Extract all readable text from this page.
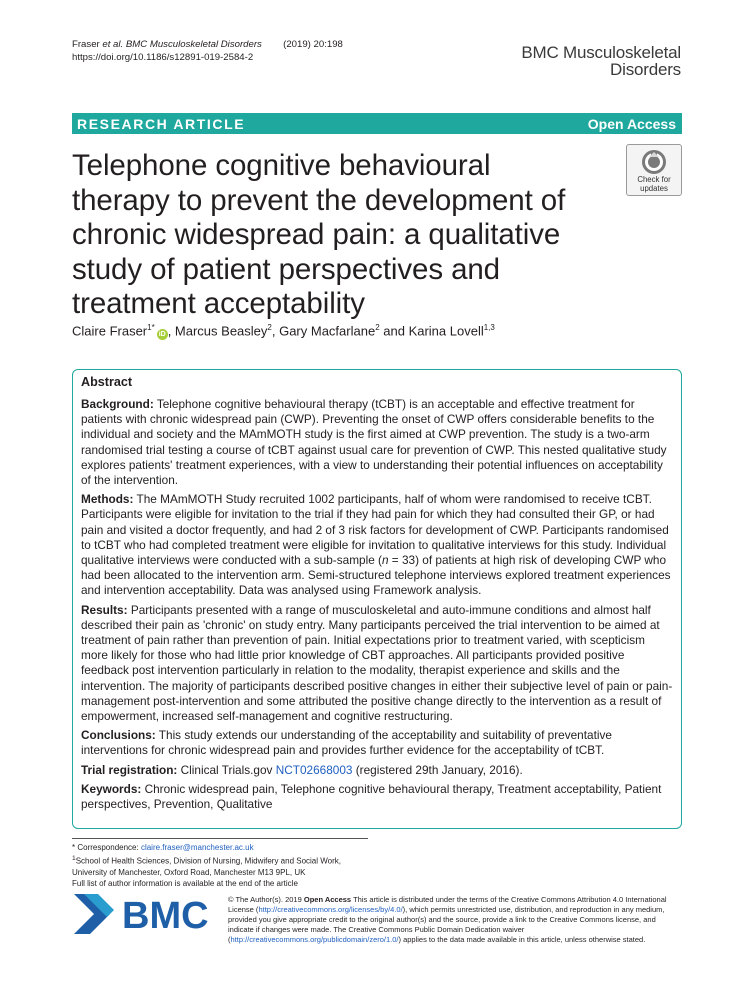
Fraser et al. BMC Musculoskeletal Disorders (2019) 20:198
https://doi.org/10.1186/s12891-019-2584-2	BMC Musculoskeletal
Disorders
RESEARCH ARTICLE	Open Access
Telephone cognitive behavioural therapy to prevent the development of chronic widespread pain: a qualitative study of patient perspectives and treatment acceptability
Check for
updates
Claire Fraser$^{1*}$iD , Marcus Beasley$^2$, Gary Macfarlane$^2$ and Karina Lovell$^{1,3}$
Abstract

Background: Telephone cognitive behavioural therapy (tCBT) is an acceptable and effective treatment for patients with chronic widespread pain (CWP). Preventing the onset of CWP offers considerable benefits to the individual and society and the MAmMOTH study is the first aimed at CWP prevention. The study is a two-arm randomised trial testing a course of tCBT against usual care for prevention of CWP. This nested qualitative study explores patients' treatment experiences, with a view to understanding their potential influences on acceptability of the intervention.

Methods: The MAmMOTH Study recruited 1002 participants, half of whom were randomised to receive tCBT. Participants were eligible for invitation to the trial if they had pain for which they had consulted their GP, or had pain and visited a doctor frequently, and had 2 of 3 risk factors for development of CWP. Participants randomised to tCBT who had completed treatment were eligible for invitation to qualitative interviews for this study. Individual qualitative interviews were conducted with a sub-sample (n = 33) of patients at high risk of developing CWP who had been allocated to the intervention arm. Semi-structured telephone interviews explored treatment experiences and intervention acceptability. Data was analysed using Framework analysis.

Results: Participants presented with a range of musculoskeletal and auto-immune conditions and almost half described their pain as 'chronic' on study entry. Many participants perceived the trial intervention to be aimed at treatment of pain rather than prevention of pain. Initial expectations prior to treatment varied, with scepticism more likely for those who had little prior knowledge of CBT approaches. All participants provided positive feedback post intervention particularly in relation to the modality, therapist experience and skills and the intervention. The majority of participants described positive changes in either their subjective level of pain or pain-management post-intervention and some attributed the positive change directly to the intervention as a result of empowerment, increased self-management and cognitive restructuring.

Conclusions: This study extends our understanding of the acceptability and suitability of preventative interventions for chronic widespread pain and provides further evidence for the acceptability of tCBT.

Trial registration: Clinical Trials.gov NCT02668003 (registered 29th January, 2016).

Keywords: Chronic widespread pain, Telephone cognitive behavioural therapy, Treatment acceptability, Patient perspectives, Prevention, Qualitative

* Correspondence: claire.fraser@manchester.ac.uk
$^1$School of Health Sciences, Division of Nursing, Midwifery and Social Work,
University of Manchester, Oxford Road, Manchester M13 9PL, UK
Full list of author information is available at the end of the article
BMC	© The Author(s). 2019 Open Access This article is distributed under the terms of the Creative Commons Attribution 4.0 International License (http://creativecommons.org/licenses/by/4.0/), which permits unrestricted use, distribution, and reproduction in any medium, provided you give appropriate credit to the original author(s) and the source, provide a link to the Creative Commons license, and indicate if changes were made. The Creative Commons Public Domain Dedication waiver (http://creativecommons.org/publicdomain/zero/1.0/) applies to the data made available in this article, unless otherwise stated.
